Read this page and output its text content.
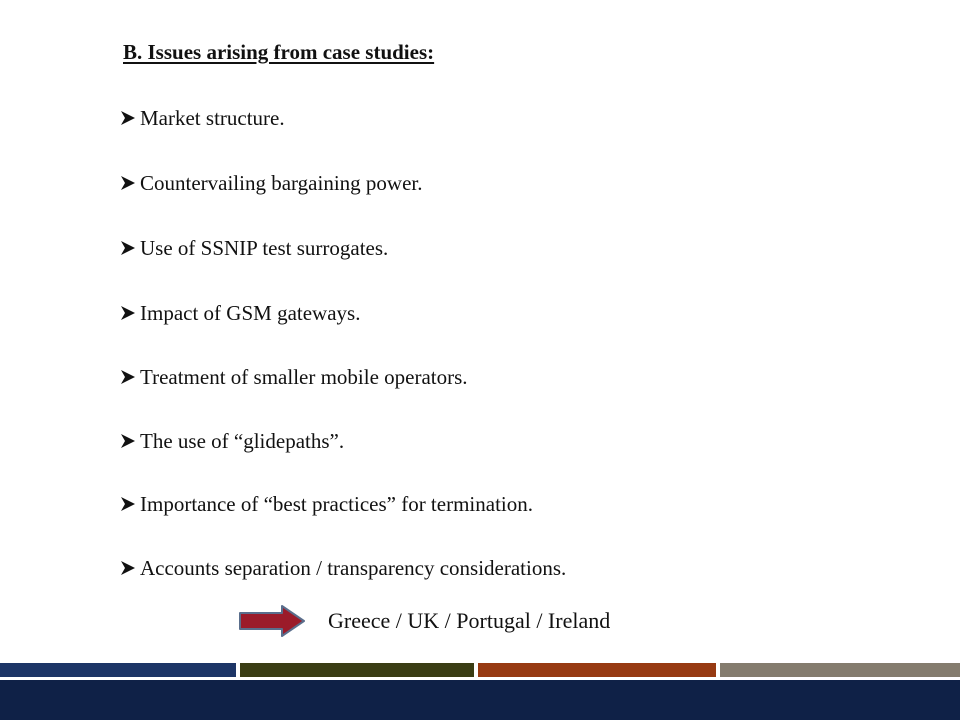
B. Issues arising from case studies:
Market structure.
Countervailing bargaining power.
Use of SSNIP test surrogates.
Impact of GSM gateways.
Treatment of smaller mobile operators.
The use of “glidepaths”.
Importance of “best practices” for termination.
Accounts separation / transparency considerations.
Greece / UK / Portugal / Ireland
